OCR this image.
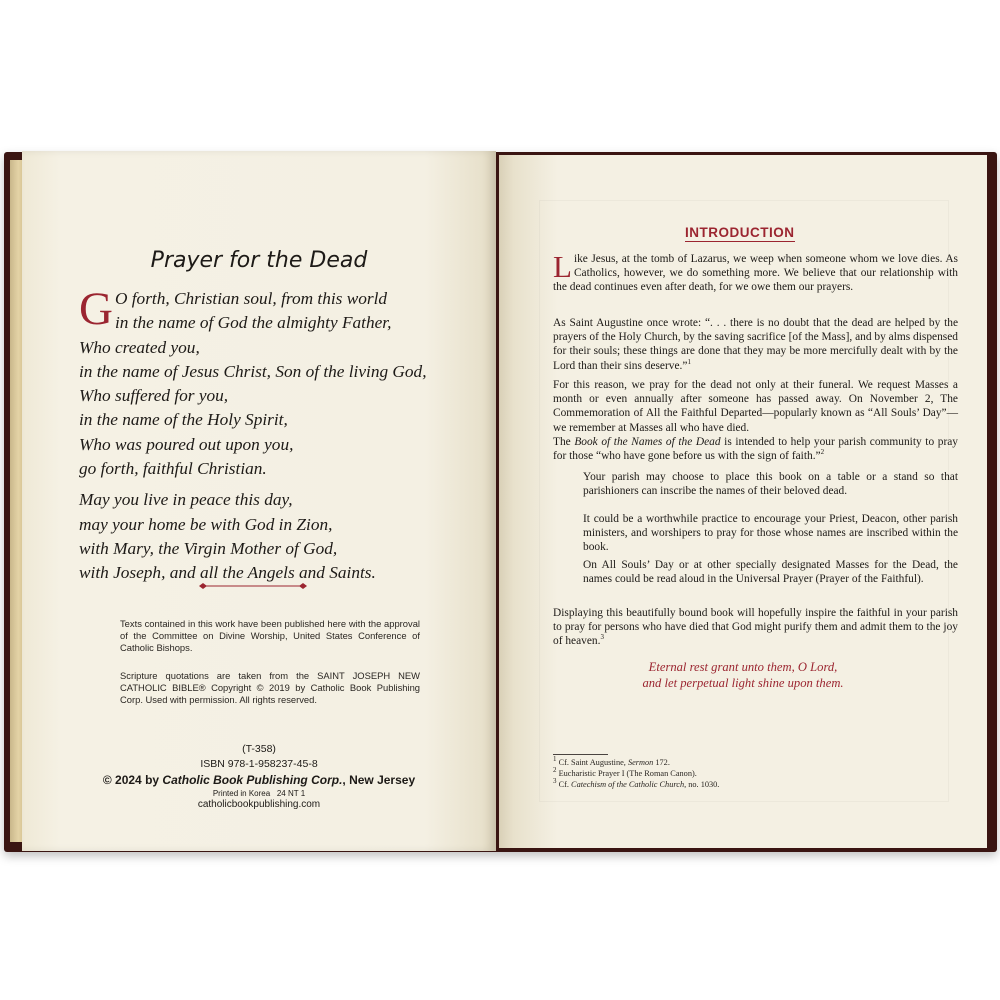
Prayer for the Dead
G O forth, Christian soul, from this world
in the name of God the almighty Father,
Who created you,
in the name of Jesus Christ, Son of the living God,
Who suffered for you,
in the name of the Holy Spirit,
Who was poured out upon you,
go forth, faithful Christian.
May you live in peace this day,
may your home be with God in Zion,
with Mary, the Virgin Mother of God,
with Joseph, and all the Angels and Saints.
Texts contained in this work have been published here with the approval of the Committee on Divine Worship, United States Conference of Catholic Bishops.
Scripture quotations are taken from the SAINT JOSEPH NEW CATHOLIC BIBLE® Copyright © 2019 by Catholic Book Publishing Corp. Used with permission. All rights reserved.
(T-358)
ISBN 978-1-958237-45-8
© 2024 by Catholic Book Publishing Corp., New Jersey
Printed in Korea   24 NT 1
catholicbookpublishing.com
INTRODUCTION
Like Jesus, at the tomb of Lazarus, we weep when someone whom we love dies. As Catholics, however, we do something more. We believe that our relationship with the dead continues even after death, for we owe them our prayers.
As Saint Augustine once wrote: “. . . there is no doubt that the dead are helped by the prayers of the Holy Church, by the saving sacrifice [of the Mass], and by alms dispensed for their souls; these things are done that they may be more mercifully dealt with by the Lord than their sins deserve.”$^1$
For this reason, we pray for the dead not only at their funeral. We request Masses a month or even annually after someone has passed away. On November 2, The Commemoration of All the Faithful Departed—popularly known as “All Souls’ Day”—we remember at Masses all who have died.
The Book of the Names of the Dead is intended to help your parish community to pray for those “who have gone before us with the sign of faith.”$^2$
Your parish may choose to place this book on a table or a stand so that parishioners can inscribe the names of their beloved dead.
It could be a worthwhile practice to encourage your Priest, Deacon, other parish ministers, and worshipers to pray for those whose names are inscribed within the book.
On All Souls’ Day or at other specially designated Masses for the Dead, the names could be read aloud in the Universal Prayer (Prayer of the Faithful).
Displaying this beautifully bound book will hopefully inspire the faithful in your parish to pray for persons who have died that God might purify them and admit them to the joy of heaven.$^3$
Eternal rest grant unto them, O Lord,
and let perpetual light shine upon them.
$^1$ Cf. Saint Augustine, Sermon 172.
$^2$ Eucharistic Prayer I (The Roman Canon).
$^3$ Cf. Catechism of the Catholic Church, no. 1030.
